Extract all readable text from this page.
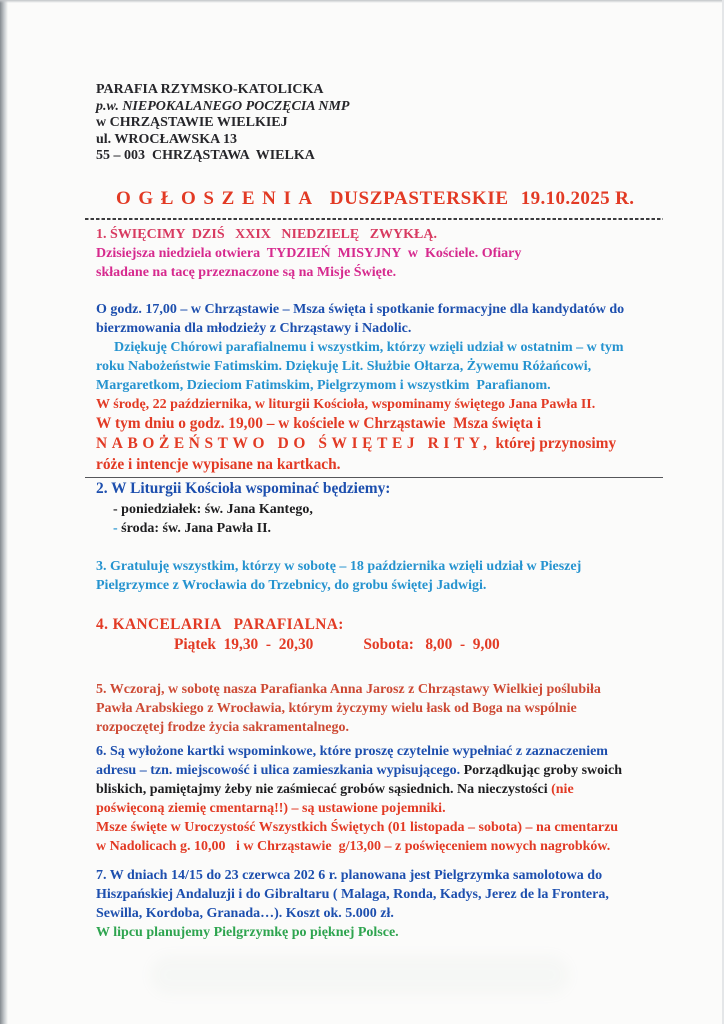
PARAFIA RZYMSKO-KATOLICKA
p.w. NIEPOKALANEGO POCZĘCIA NMP
w CHRZĄSTAWIE WIELKIEJ
ul. WROCŁAWSKA 13
55 – 003  CHRZĄSTAWA  WIELKA
OGŁOSZENIA DUSZPASTERSKIE 19.10.2025 R.
1. ŚWIĘCIMY  DZIŚ   XXIX   NIEDZIELĘ   ZWYKŁĄ.
Dzisiejsza niedziela otwiera  TYDZIEŃ  MISYJNY  w  Kościele. Ofiary
składane na tacę przeznaczone są na Misje Święte.
O godz. 17,00 – w Chrząstawie – Msza święta i spotkanie formacyjne dla kandydatów do
bierzmowania dla młodzieży z Chrząstawy i Nadolic.
Dziękuję Chórowi parafialnemu i wszystkim, którzy wzięli udział w ostatnim – w tym
roku Nabożeństwie Fatimskim. Dziękuję Lit. Służbie Ołtarza, Żywemu Różańcowi,
Margaretkom, Dzieciom Fatimskim, Pielgrzymom i wszystkim  Parafianom.
W środę, 22 października, w liturgii Kościoła, wspominamy świętego Jana Pawła II.
W tym dniu o godz. 19,00 – w kościele w Chrząstawie  Msza święta i
NABOŻEŃSTWO DO ŚWIĘTEJ RITY, której przynosimy
róże i intencje wypisane na kartkach.
2. W Liturgii Kościoła wspominać będziemy:
- poniedziałek: św. Jana Kantego,
- środa: św. Jana Pawła II.
3. Gratuluję wszystkim, którzy w sobotę – 18 października wzięli udział w Pieszej
Pielgrzymce z Wrocławia do Trzebnicy, do grobu świętej Jadwigi.
4. KANCELARIA   PARAFIALNA:
Piątek  19,30  -  20,30	Sobota:   8,00  -  9,00
5. Wczoraj, w sobotę nasza Parafianka Anna Jarosz z Chrząstawy Wielkiej poślubiła
Pawła Arabskiego z Wrocławia, którym życzymy wielu łask od Boga na wspólnie
rozpoczętej frodze życia sakramentalnego.
6. Są wyłożone kartki wspominkowe, które proszę czytelnie wypełniać z zaznaczeniem
adresu – tzn. miejscowość i ulica zamieszkania wypisującego. Porządkując groby swoich
bliskich, pamiętajmy żeby nie zaśmiecać grobów sąsiednich. Na nieczystości (nie
poświęconą ziemię cmentarną!!) – są ustawione pojemniki.
Msze święte w Uroczystość Wszystkich Świętych (01 listopada – sobota) – na cmentarzu
w Nadolicach g. 10,00   i w Chrząstawie  g/13,00 – z poświęceniem nowych nagrobków.
7. W dniach 14/15 do 23 czerwca 202 6 r. planowana jest Pielgrzymka samolotowa do
Hiszpańskiej Andaluzji i do Gibraltaru ( Malaga, Ronda, Kadys, Jerez de la Frontera,
Sewilla, Kordoba, Granada…). Koszt ok. 5.000 zł.
W lipcu planujemy Pielgrzymkę po pięknej Polsce.
